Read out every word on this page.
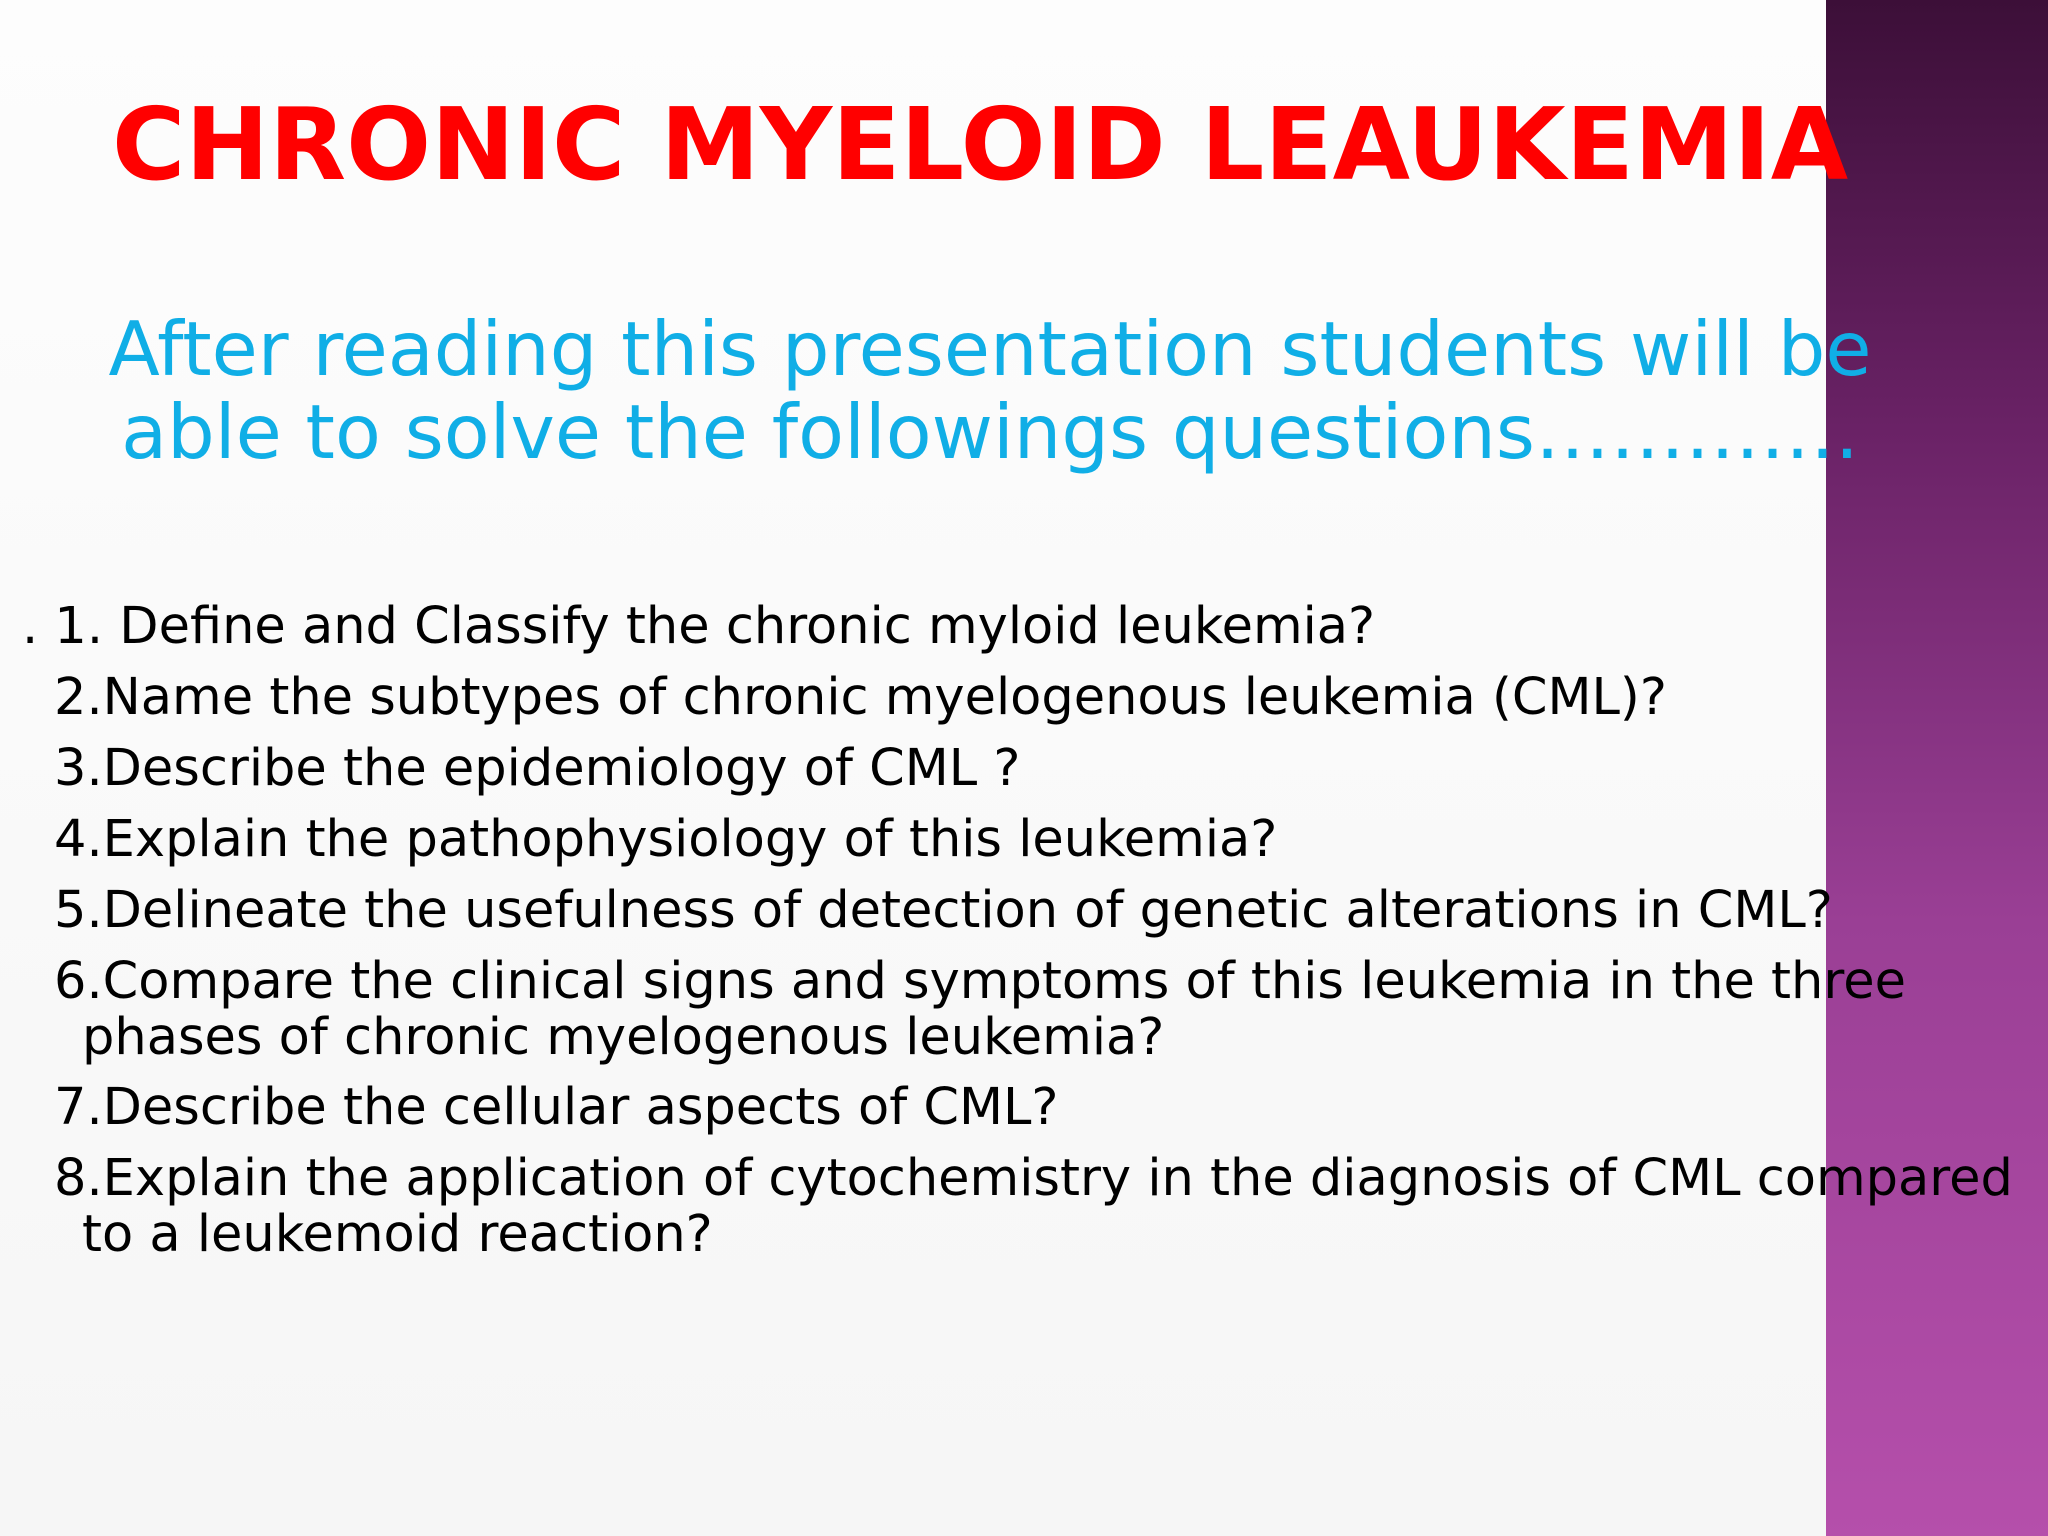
CHRONIC MYELOID LEAUKEMIA

After reading this presentation students will be
able to solve the followings questions………….

. 1. Define and Classify the chronic myloid leukemia?
2.Name the subtypes of chronic myelogenous leukemia (CML)?
3.Describe the epidemiology of CML ?
4.Explain the pathophysiology of this leukemia?
5.Delineate the usefulness of detection of genetic alterations in CML?
6.Compare the clinical signs and symptoms of this leukemia in the three
phases of chronic myelogenous leukemia?
7.Describe the cellular aspects of CML?
8.Explain the application of cytochemistry in the diagnosis of CML compared
to a leukemoid reaction?
